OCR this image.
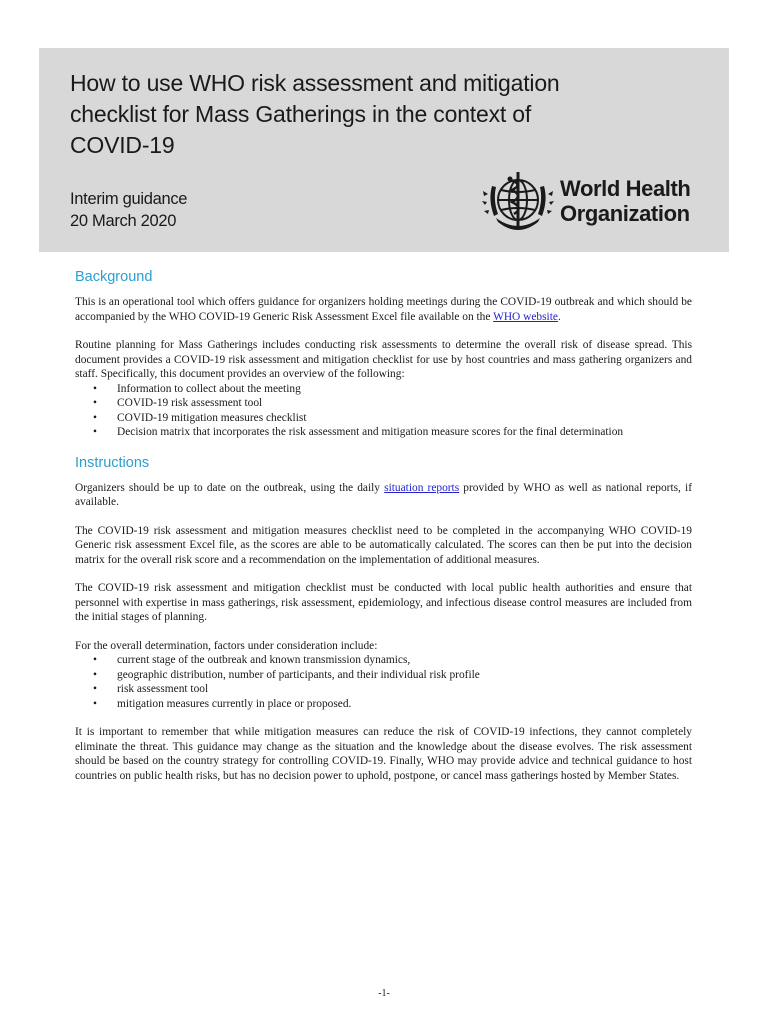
How to use WHO risk assessment and mitigation checklist for Mass Gatherings in the context of COVID-19
Interim guidance
20 March 2020
World Health
Organization
Background

This is an operational tool which offers guidance for organizers holding meetings during the COVID-19 outbreak and which should be accompanied by the WHO COVID-19 Generic Risk Assessment Excel file available on the WHO website.

Routine planning for Mass Gatherings includes conducting risk assessments to determine the overall risk of disease spread. This document provides a COVID-19 risk assessment and mitigation checklist for use by host countries and mass gathering organizers and staff. Specifically, this document provides an overview of the following:

• Information to collect about the meeting
• COVID-19 risk assessment tool
• COVID-19 mitigation measures checklist
• Decision matrix that incorporates the risk assessment and mitigation measure scores for the final determination
Instructions

Organizers should be up to date on the outbreak, using the daily situation reports provided by WHO as well as national reports, if available.

The COVID-19 risk assessment and mitigation measures checklist need to be completed in the accompanying WHO COVID-19 Generic risk assessment Excel file, as the scores are able to be automatically calculated. The scores can then be put into the decision matrix for the overall risk score and a recommendation on the implementation of additional measures.

The COVID-19 risk assessment and mitigation checklist must be conducted with local public health authorities and ensure that personnel with expertise in mass gatherings, risk assessment, epidemiology, and infectious disease control measures are included from the initial stages of planning.

For the overall determination, factors under consideration include:

• current stage of the outbreak and known transmission dynamics,
• geographic distribution, number of participants, and their individual risk profile
• risk assessment tool
• mitigation measures currently in place or proposed.

It is important to remember that while mitigation measures can reduce the risk of COVID-19 infections, they cannot completely eliminate the threat. This guidance may change as the situation and the knowledge about the disease evolves. The risk assessment should be based on the country strategy for controlling COVID-19. Finally, WHO may provide advice and technical guidance to host countries on public health risks, but has no decision power to uphold, postpone, or cancel mass gatherings hosted by Member States.

-1-
